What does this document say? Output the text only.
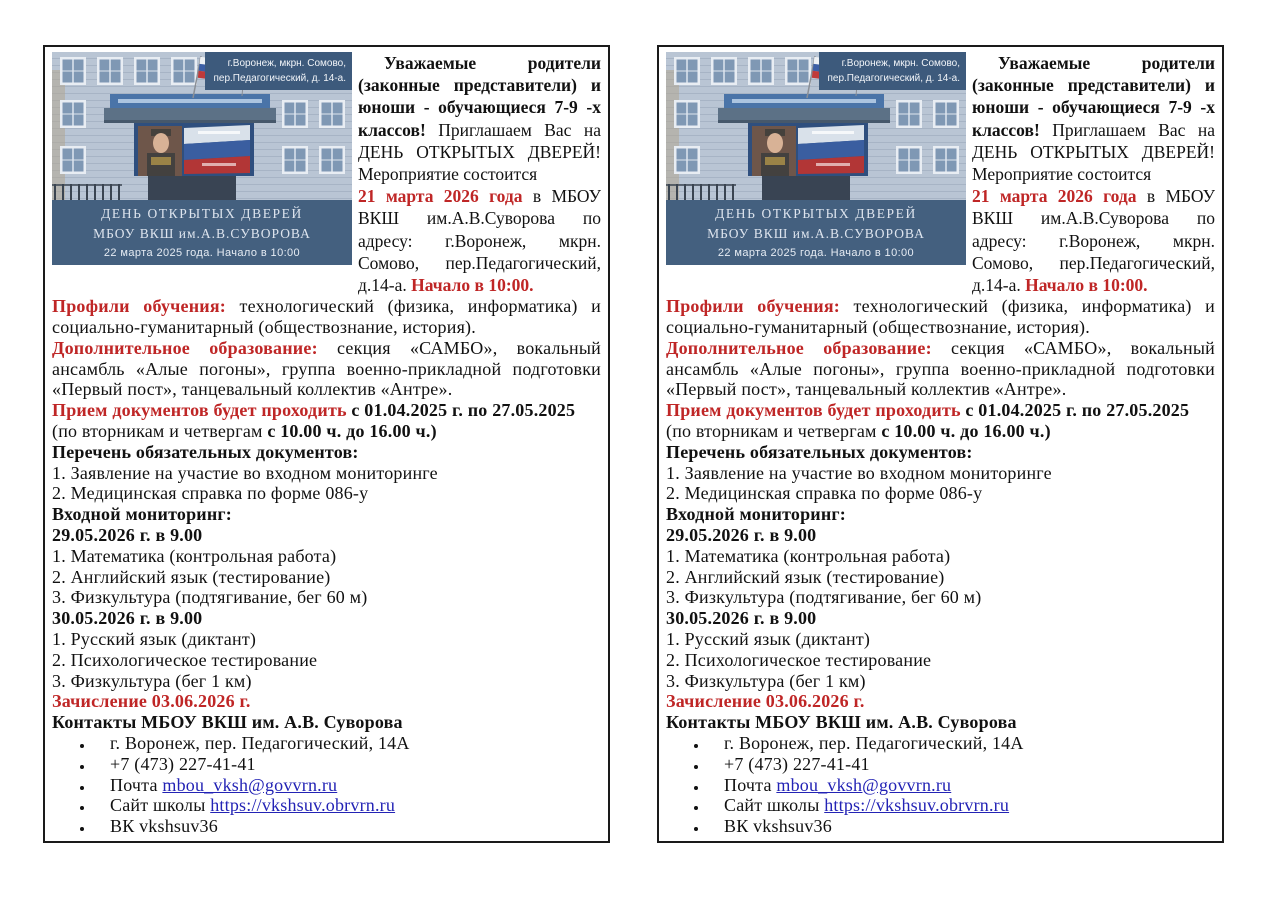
г.Воронеж, мкрн. Сомово,
пер.Педагогический, д. 14-а.
ДЕНЬ ОТКРЫТЫХ ДВЕРЕЙ
МБОУ ВКШ им.А.В.СУВОРОВА
22 марта 2025 года. Начало в 10:00
Уважаемые родители (законные представители) и юноши - обучающиеся 7-9 -х классов! Приглашаем Вас на ДЕНЬ ОТКРЫТЫХ ДВЕРЕЙ! Мероприятие состоится
21 марта 2026 года в МБОУ ВКШ им.А.В.Суворова по адресу: г.Воронеж, мкрн. Сомово, пер.Педагогический, д.14-а. Начало в 10:00.

Профили обучения: технологический (физика, информатика) и социально-гуманитарный (обществознание, история).

Дополнительное образование: секция «САМБО», вокальный ансамбль «Алые погоны», группа военно-прикладной подготовки «Первый пост», танцевальный коллектив «Антре».

Прием документов будет проходить с 01.04.2025 г. по 27.05.2025
(по вторникам и четвергам с 10.00 ч. до 16.00 ч.)

Перечень обязательных документов:

1. Заявление на участие во входном мониторинге

2. Медицинская справка по форме 086-у

Входной мониторинг:

29.05.2026 г. в 9.00

1. Математика (контрольная работа)

2. Английский язык (тестирование)

3. Физкультура (подтягивание, бег 60 м)

30.05.2026 г. в 9.00

1. Русский язык (диктант)

2. Психологическое тестирование

3. Физкультура (бег 1 км)

Зачисление 03.06.2026 г.

Контакты МБОУ ВКШ им. А.В. Суворова

• г. Воронеж, пер. Педагогический, 14А
• +7 (473) 227-41-41
• Почта mbou_vksh@govvrn.ru
• Сайт школы https://vkshsuv.obrvrn.ru
• ВК vkshsuv36
г.Воронеж, мкрн. Сомово,
пер.Педагогический, д. 14-а.
ДЕНЬ ОТКРЫТЫХ ДВЕРЕЙ
МБОУ ВКШ им.А.В.СУВОРОВА
22 марта 2025 года. Начало в 10:00
Уважаемые родители (законные представители) и юноши - обучающиеся 7-9 -х классов! Приглашаем Вас на ДЕНЬ ОТКРЫТЫХ ДВЕРЕЙ! Мероприятие состоится
21 марта 2026 года в МБОУ ВКШ им.А.В.Суворова по адресу: г.Воронеж, мкрн. Сомово, пер.Педагогический, д.14-а. Начало в 10:00.

Профили обучения: технологический (физика, информатика) и социально-гуманитарный (обществознание, история).

Дополнительное образование: секция «САМБО», вокальный ансамбль «Алые погоны», группа военно-прикладной подготовки «Первый пост», танцевальный коллектив «Антре».

Прием документов будет проходить с 01.04.2025 г. по 27.05.2025
(по вторникам и четвергам с 10.00 ч. до 16.00 ч.)

Перечень обязательных документов:

1. Заявление на участие во входном мониторинге

2. Медицинская справка по форме 086-у

Входной мониторинг:

29.05.2026 г. в 9.00

1. Математика (контрольная работа)

2. Английский язык (тестирование)

3. Физкультура (подтягивание, бег 60 м)

30.05.2026 г. в 9.00

1. Русский язык (диктант)

2. Психологическое тестирование

3. Физкультура (бег 1 км)

Зачисление 03.06.2026 г.

Контакты МБОУ ВКШ им. А.В. Суворова

• г. Воронеж, пер. Педагогический, 14А
• +7 (473) 227-41-41
• Почта mbou_vksh@govvrn.ru
• Сайт школы https://vkshsuv.obrvrn.ru
• ВК vkshsuv36
